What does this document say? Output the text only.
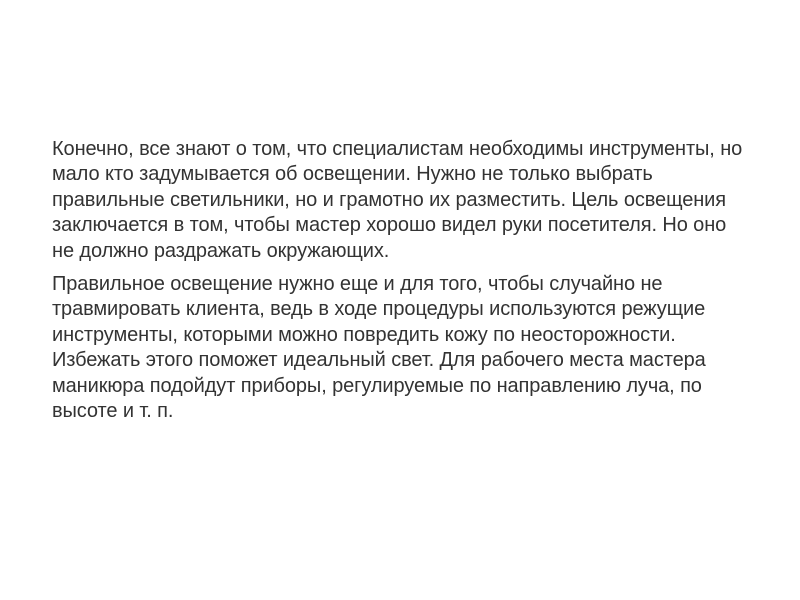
Конечно, все знают о том, что специалистам необходимы инструменты, но мало кто задумывается об освещении. Нужно не только выбрать правильные светильники, но и грамотно их разместить. Цель освещения заключается в том, чтобы мастер хорошо видел руки посетителя. Но оно не должно раздражать окружающих.

Правильное освещение нужно еще и для того, чтобы случайно не травмировать клиента, ведь в ходе процедуры используются режущие инструменты, которыми можно повредить кожу по неосторожности. Избежать этого поможет идеальный свет. Для рабочего места мастера маникюра подойдут приборы, регулируемые по направлению луча, по высоте и т. п.
